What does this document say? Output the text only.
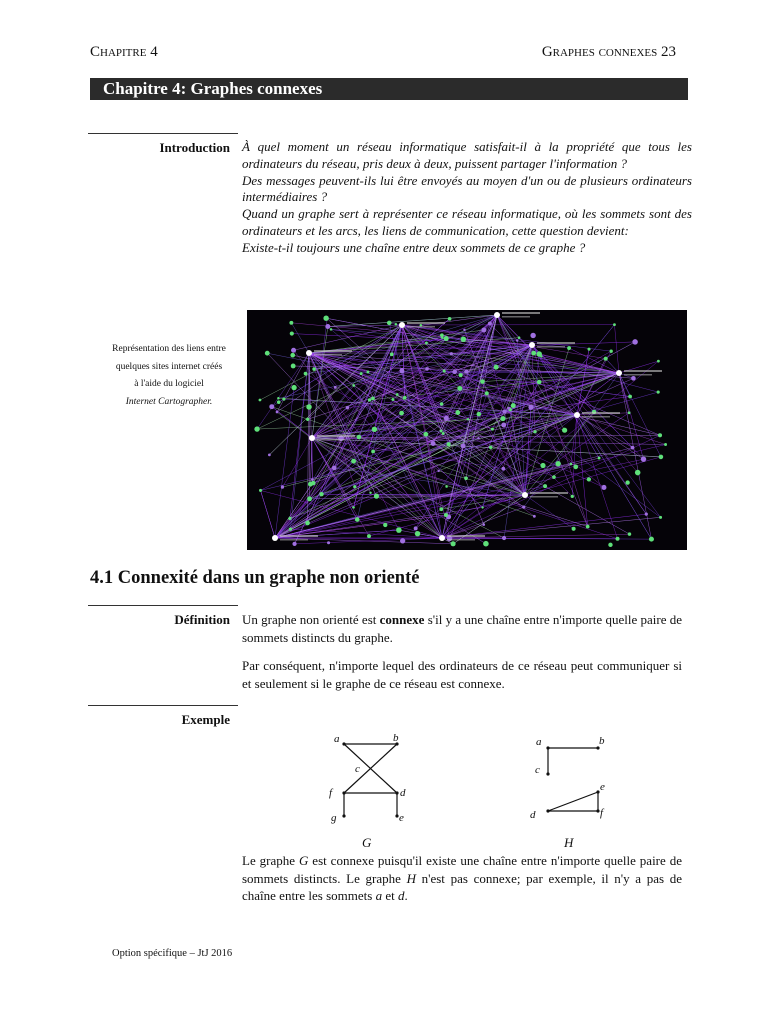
Chapitre 4	Graphes connexes 23
Chapitre 4: Graphes connexes
Introduction À quel moment un réseau informatique satisfait-il à la propriété que tous les ordinateurs du réseau, pris deux à deux, puissent partager l'information ?

Des messages peuvent-ils lui être envoyés au moyen d'un ou de plusieurs ordinateurs intermédiaires ?

Quand un graphe sert à représenter ce réseau informatique, où les sommets sont des ordinateurs et les arcs, les liens de communication, cette question devient:

Existe-t-il toujours une chaîne entre deux sommets de ce graphe ?

Représentation des liens entre
quelques sites internet créés
à l'aide du logiciel
Internet Cartographer.
4.1 Connexité dans un graphe non orienté
Définition Un graphe non orienté est connexe s'il y a une chaîne entre n'importe quelle paire de sommets distincts du graphe.
Par conséquent, n'importe lequel des ordinateurs de ce réseau peut communiquer si et seulement si le graphe de ce réseau est connexe.
Exemple
a	b
c
f	d
g	e
G
a	b
c
e
f
d
H
Le graphe G est connexe puisqu'il existe une chaîne entre n'importe quelle paire de sommets distincts. Le graphe H n'est pas connexe; par exemple, il n'y a pas de chaîne entre les sommets a et d.
Option spécifique – JtJ 2016
